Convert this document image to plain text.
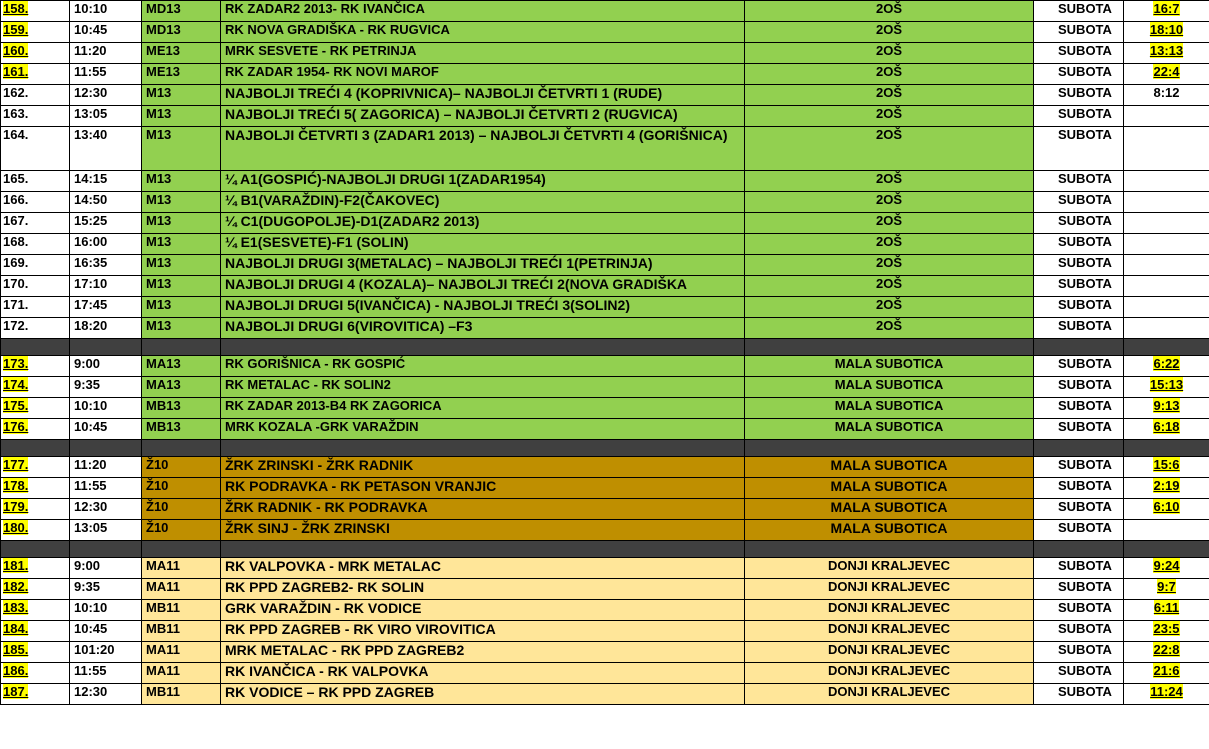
158.	10:10	MD13	RK ZADAR2 2013- RK IVANČICA	2OŠ	SUBOTA	16:7
159.	10:45	MD13	RK NOVA GRADIŠKA - RK RUGVICA	2OŠ	SUBOTA	18:10
160.	11:20	ME13	MRK SESVETE - RK PETRINJA	2OŠ	SUBOTA	13:13
161.	11:55	ME13	RK ZADAR 1954- RK NOVI MAROF	2OŠ	SUBOTA	22:4
162.	12:30	M13	NAJBOLJI TREĆI 4 (KOPRIVNICA)– NAJBOLJI ČETVRTI 1 (RUDE)	2OŠ	SUBOTA	8:12
163.	13:05	M13	NAJBOLJI TREĆI 5( ZAGORICA) – NAJBOLJI ČETVRTI 2 (RUGVICA)	2OŠ	SUBOTA	
164.	13:40	M13	NAJBOLJI ČETVRTI 3 (ZADAR1 2013) – NAJBOLJI ČETVRTI 4 (GORIŠNICA)	2OŠ	SUBOTA	
165.	14:15	M13	¼ A1(GOSPIĆ)-NAJBOLJI DRUGI 1(ZADAR1954)	2OŠ	SUBOTA	
166.	14:50	M13	¼ B1(VARAŽDIN)-F2(ČAKOVEC)	2OŠ	SUBOTA	
167.	15:25	M13	¼ C1(DUGOPOLJE)-D1(ZADAR2 2013)	2OŠ	SUBOTA	
168.	16:00	M13	¼ E1(SESVETE)-F1 (SOLIN)	2OŠ	SUBOTA	
169.	16:35	M13	NAJBOLJI DRUGI 3(METALAC) – NAJBOLJI TREĆI 1(PETRINJA)	2OŠ	SUBOTA	
170.	17:10	M13	NAJBOLJI DRUGI 4 (KOZALA)– NAJBOLJI TREĆI 2(NOVA GRADIŠKA	2OŠ	SUBOTA	
171.	17:45	M13	NAJBOLJI DRUGI 5(IVANČICA) - NAJBOLJI TREĆI 3(SOLIN2)	2OŠ	SUBOTA	
172.	18:20	M13	NAJBOLJI DRUGI 6(VIROVITICA) –F3	2OŠ	SUBOTA	

173.	9:00	MA13	RK GORIŠNICA - RK GOSPIĆ	MALA SUBOTICA	SUBOTA	6:22
174.	9:35	MA13	RK METALAC - RK SOLIN2	MALA SUBOTICA	SUBOTA	15:13
175.	10:10	MB13	RK ZADAR 2013-B4 RK ZAGORICA	MALA SUBOTICA	SUBOTA	9:13
176.	10:45	MB13	MRK KOZALA -GRK VARAŽDIN	MALA SUBOTICA	SUBOTA	6:18

177.	11:20	Ž10	ŽRK ZRINSKI - ŽRK RADNIK	MALA SUBOTICA	SUBOTA	15:6
178.	11:55	Ž10	RK PODRAVKA - RK PETASON VRANJIC	MALA SUBOTICA	SUBOTA	2:19
179.	12:30	Ž10	ŽRK RADNIK - RK PODRAVKA	MALA SUBOTICA	SUBOTA	6:10
180.	13:05	Ž10	ŽRK SINJ - ŽRK ZRINSKI	MALA SUBOTICA	SUBOTA	

181.	9:00	MA11	RK VALPOVKA - MRK METALAC	DONJI KRALJEVEC	SUBOTA	9:24
182.	9:35	MA11	RK PPD ZAGREB2- RK SOLIN	DONJI KRALJEVEC	SUBOTA	9:7
183.	10:10	MB11	GRK VARAŽDIN - RK VODICE	DONJI KRALJEVEC	SUBOTA	6:11
184.	10:45	MB11	RK PPD ZAGREB - RK VIRO VIROVITICA	DONJI KRALJEVEC	SUBOTA	23:5
185.	101:20	MA11	MRK METALAC - RK PPD ZAGREB2	DONJI KRALJEVEC	SUBOTA	22:8
186.	11:55	MA11	RK IVANČICA - RK VALPOVKA	DONJI KRALJEVEC	SUBOTA	21:6
187.	12:30	MB11	RK VODICE – RK PPD ZAGREB	DONJI KRALJEVEC	SUBOTA	11:24
